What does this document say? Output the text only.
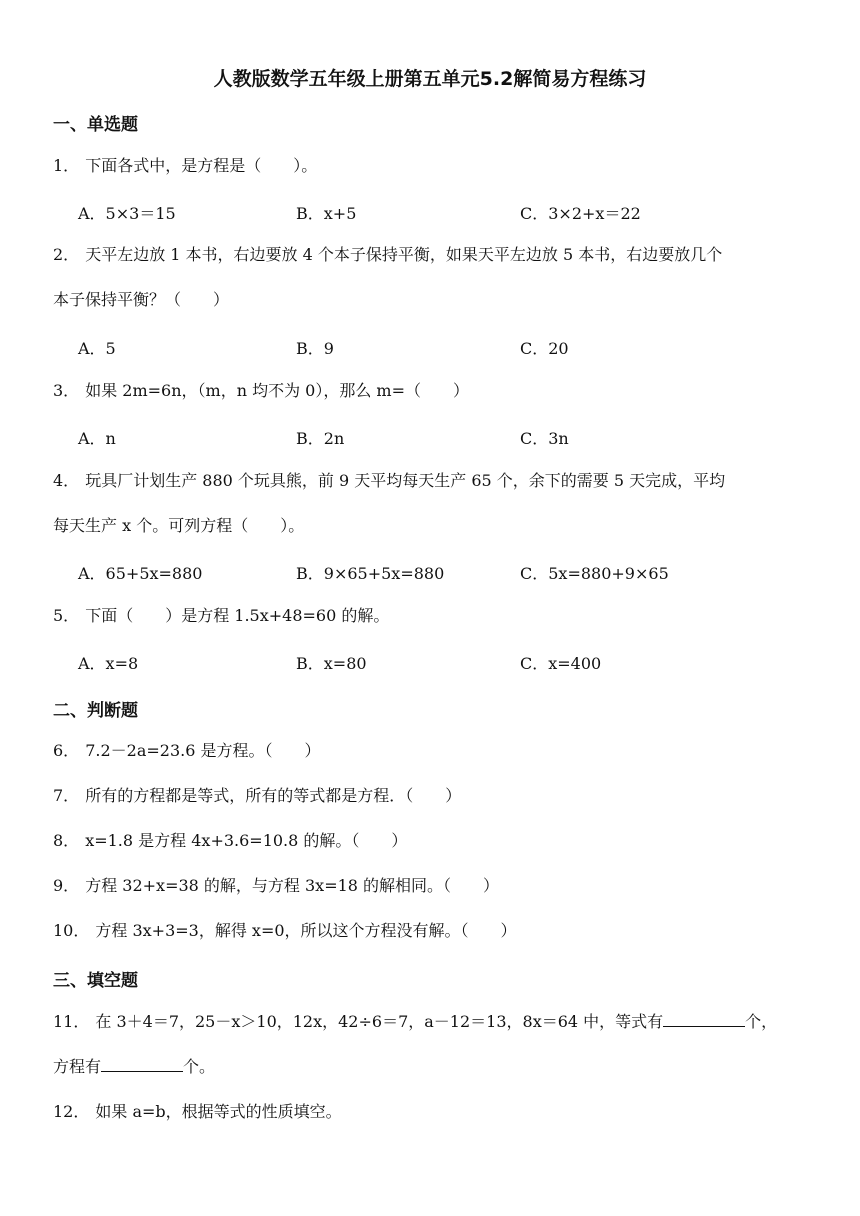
人教版数学五年级上册第五单元5.2解简易方程练习
一、单选题
1． 下面各式中，是方程是（　　）。
A．5×3＝15	B．x+5	C．3×2+x＝22
2． 天平左边放 1 本书，右边要放 4 个本子保持平衡，如果天平左边放 5 本书，右边要放几个
本子保持平衡？（　　）
A．5	B．9	C．20
3． 如果 2m=6n，（m，n 均不为 0），那么 m=（　　）
A．n	B．2n	C．3n
4． 玩具厂计划生产 880 个玩具熊，前 9 天平均每天生产 65 个，余下的需要 5 天完成，平均
每天生产 x 个。可列方程（　　）。
A．65+5x=880	B．9×65+5x=880	C．5x=880+9×65
5． 下面（　　）是方程 1.5x+48=60 的解。
A．x=8	B．x=80	C．x=400
二、判断题
6． 7.2－2a=23.6 是方程。（　　）
7． 所有的方程都是等式，所有的等式都是方程．（　　）
8． x=1.8 是方程 4x+3.6=10.8 的解。（　　）
9． 方程 32+x=38 的解，与方程 3x=18 的解相同。（　　）
10． 方程 3x+3=3，解得 x=0，所以这个方程没有解。（　　）
三、填空题
11． 在 3＋4＝7，25－x＞10，12x，42÷6＝7，a－12＝13，8x＝64 中，等式有	个，
方程有	个。
12． 如果 a=b，根据等式的性质填空。
